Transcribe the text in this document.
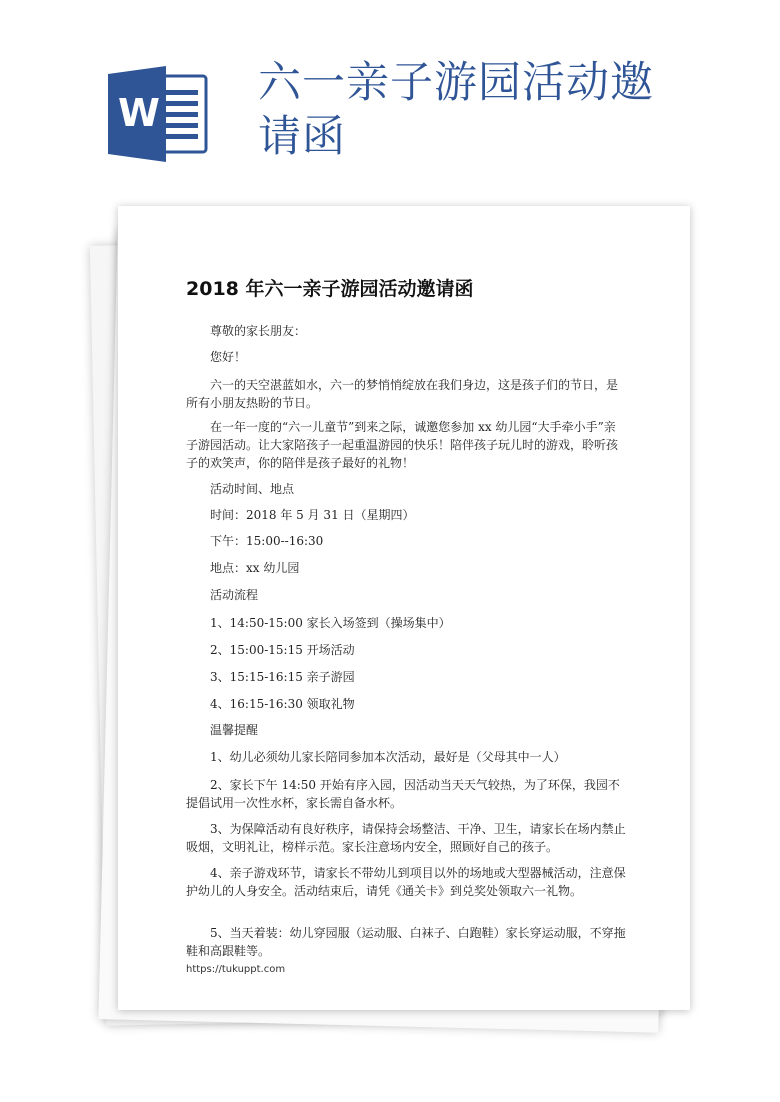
W
六一亲子游园活动邀请函
2018 年六一亲子游园活动邀请函
尊敬的家长朋友：
您好！
六一的天空湛蓝如水，六一的梦悄悄绽放在我们身边，这是孩子们的节日，是所有小朋友热盼的节日。
在一年一度的“六一儿童节”到来之际，诚邀您参加 xx 幼儿园“大手牵小手”亲子游园活动。让大家陪孩子一起重温游园的快乐！陪伴孩子玩儿时的游戏，聆听孩子的欢笑声，你的陪伴是孩子最好的礼物！
活动时间、地点
时间：2018 年 5 月 31 日（星期四）
下午：15:00--16:30
地点：xx 幼儿园
活动流程
1、14:50-15:00 家长入场签到（操场集中）
2、15:00-15:15 开场活动
3、15:15-16:15 亲子游园
4、16:15-16:30 领取礼物
温馨提醒
1、幼儿必须幼儿家长陪同参加本次活动，最好是（父母其中一人）
2、家长下午 14:50 开始有序入园，因活动当天天气较热，为了环保，我园不提倡试用一次性水杯，家长需自备水杯。
3、为保障活动有良好秩序，请保持会场整洁、干净、卫生，请家长在场内禁止吸烟，文明礼让，榜样示范。家长注意场内安全，照顾好自己的孩子。
4、亲子游戏环节，请家长不带幼儿到项目以外的场地或大型器械活动，注意保护幼儿的人身安全。活动结束后，请凭《通关卡》到兑奖处领取六一礼物。
5、当天着装：幼儿穿园服（运动服、白袜子、白跑鞋）家长穿运动服，不穿拖鞋和高跟鞋等。
https://tukuppt.com
